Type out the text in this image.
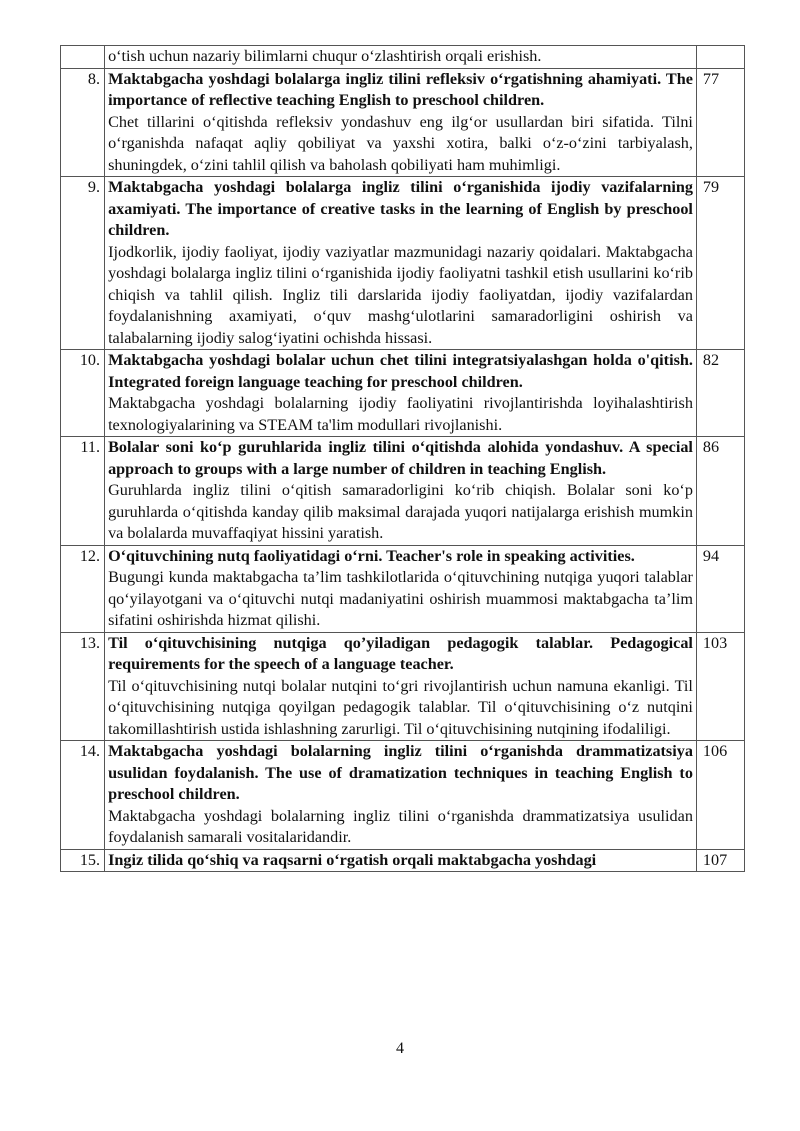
	o‘tish uchun nazariy bilimlarni chuqur o‘zlashtirish orqali erishish.	
8.	Maktabgacha yoshdagi bolalarga ingliz tilini refleksiv o‘rgatishning ahamiyati. The importance of reflective teaching English to preschool children.
Chet tillarini o‘qitishda refleksiv yondashuv eng ilg‘or usullardan biri sifatida. Tilni o‘rganishda nafaqat aqliy qobiliyat va yaxshi xotira, balki o‘z-o‘zini tarbiyalash, shuningdek, o‘zini tahlil qilish va baholash qobiliyati ham muhimligi.	77
9.	Maktabgacha yoshdagi bolalarga ingliz tilini o‘rganishida ijodiy vazifalarning axamiyati. The importance of creative tasks in the learning of English by preschool children.
Ijodkorlik, ijodiy faoliyat, ijodiy vaziyatlar mazmunidagi nazariy qoidalari. Maktabgacha yoshdagi bolalarga ingliz tilini o‘rganishida ijodiy faoliyatni tashkil etish usullarini ko‘rib chiqish va tahlil qilish. Ingliz tili darslarida ijodiy faoliyatdan, ijodiy vazifalardan foydalanishning axamiyati, o‘quv mashg‘ulotlarini samaradorligini oshirish va talabalarning ijodiy salog‘iyatini ochishda hissasi.	79
10.	Maktabgacha yoshdagi bolalar uchun chet tilini integratsiyalashgan holda o'qitish. Integrated foreign language teaching for preschool children.
Maktabgacha yoshdagi bolalarning ijodiy faoliyatini rivojlantirishda loyihalashtirish texnologiyalarining va STEAM ta'lim modullari rivojlanishi.	82
11.	Bolalar soni ko‘p guruhlarida ingliz tilini o‘qitishda alohida yondashuv. A special approach to groups with a large number of children in teaching English.
Guruhlarda ingliz tilini o‘qitish samaradorligini ko‘rib chiqish. Bolalar soni ko‘p guruhlarda o‘qitishda kanday qilib maksimal darajada yuqori natijalarga erishish mumkin va bolalarda muvaffaqiyat hissini yaratish.	86
12.	O‘qituvchining nutq faoliyatidagi o‘rni. Teacher's role in speaking activities.
Bugungi kunda maktabgacha ta’lim tashkilotlarida o‘qituvchining nutqiga yuqori talablar qo‘yilayotgani va o‘qituvchi nutqi madaniyatini oshirish muammosi maktabgacha ta’lim sifatini oshirishda hizmat qilishi.	94
13.	Til o‘qituvchisining nutqiga qo’yiladigan pedagogik talablar. Pedagogical requirements for the speech of a language teacher.
Til o‘qituvchisining nutqi bolalar nutqini to‘gri rivojlantirish uchun namuna ekanligi. Til o‘qituvchisining nutqiga qoyilgan pedagogik talablar. Til o‘qituvchisining o‘z nutqini takomillashtirish ustida ishlashning zarurligi. Til o‘qituvchisining nutqining ifodaliligi.	103
14.	Maktabgacha yoshdagi bolalarning ingliz tilini o‘rganishda drammatizatsiya usulidan foydalanish. The use of dramatization techniques in teaching English to preschool children.
Maktabgacha yoshdagi bolalarning ingliz tilini o‘rganishda drammatizatsiya usulidan foydalanish samarali vositalaridandir.	106
15.	Ingiz tilida qo‘shiq va raqsarni o‘rgatish orqali maktabgacha yoshdagi	107
4
